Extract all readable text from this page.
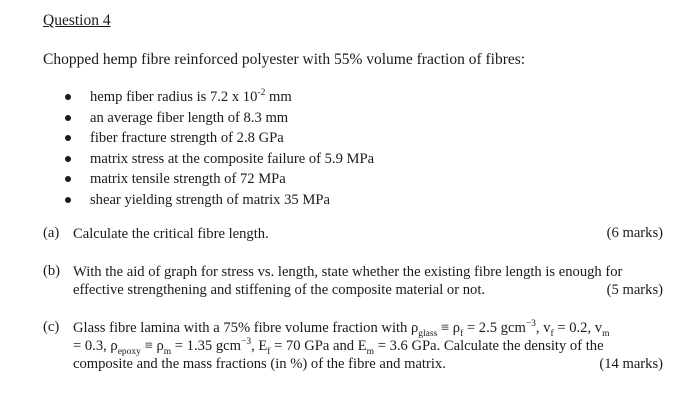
Question 4
Chopped hemp fibre reinforced polyester with 55% volume fraction of fibres:
hemp fiber radius is 7.2 x $10^{-2}$ mm
an average fiber length of 8.3 mm
fiber fracture strength of 2.8 GPa
matrix stress at the composite failure of 5.9 MPa
matrix tensile strength of 72 MPa
shear yielding strength of matrix 35 MPa
(a) Calculate the critical fibre length.	(6 marks)
(b) With the aid of graph for stress vs. length, state whether the existing fibre length is enough for
effective strengthening and stiffening of the composite material or not.	(5 marks)
(c) Glass fibre lamina with a 75% fibre volume fraction with $\rho_{glass} \equiv \rho_f = 2.5$ gcm$^{-3}$, $v_f = 0.2$, $v_m$
= 0.3, $\rho_{epoxy} \equiv \rho_m = 1.35$ gcm$^{-3}$, $E_f = 70$ GPa and $E_m = 3.6$ GPa. Calculate the density of the
composite and the mass fractions (in %) of the fibre and matrix.	(14 marks)
